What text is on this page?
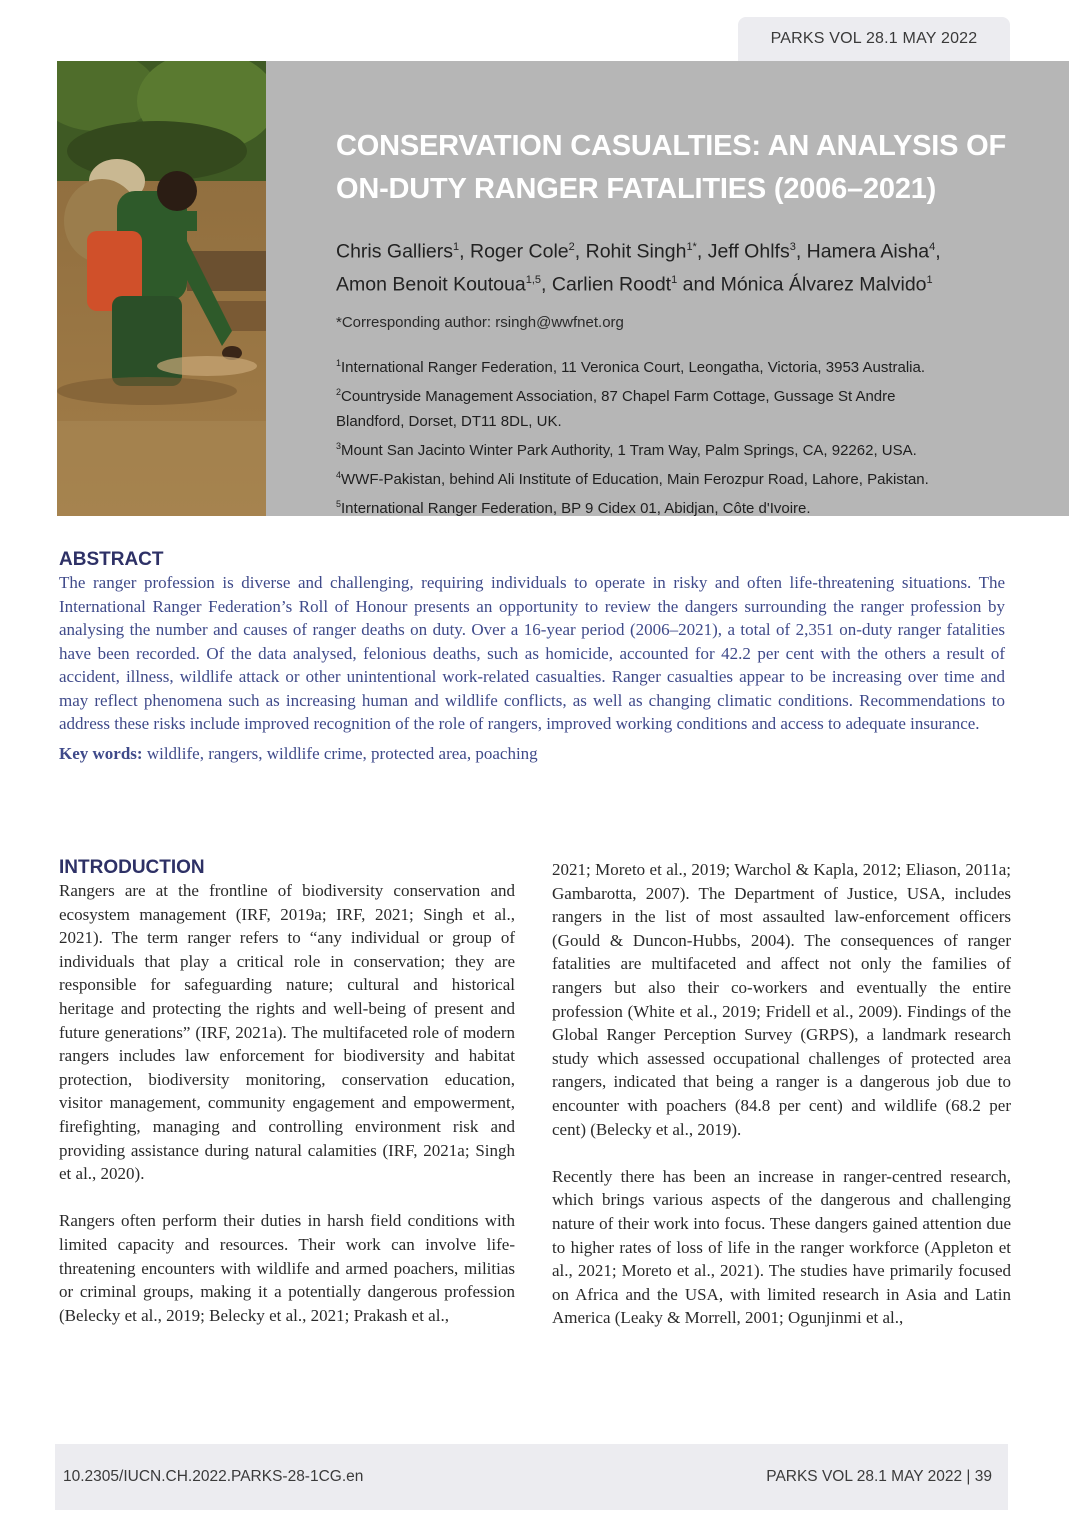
PARKS VOL 28.1 MAY 2022
CONSERVATION CASUALTIES: AN ANALYSIS OF
ON-DUTY RANGER FATALITIES (2006–2021)
Chris Galliers$^1$, Roger Cole$^2$, Rohit Singh$^{1*}$, Jeff Ohlfs$^3$, Hamera Aisha$^4$,
Amon Benoit Koutoua$^{1,5}$, Carlien Roodt$^1$ and Mónica Álvarez Malvido$^1$
*Corresponding author: rsingh@wwfnet.org
$^1$International Ranger Federation, 11 Veronica Court, Leongatha, Victoria, 3953 Australia.
$^2$Countryside Management Association, 87 Chapel Farm Cottage, Gussage St Andre Blandford, Dorset, DT11 8DL, UK.
$^3$Mount San Jacinto Winter Park Authority, 1 Tram Way, Palm Springs, CA, 92262, USA.
$^4$WWF-Pakistan, behind Ali Institute of Education, Main Ferozpur Road, Lahore, Pakistan.
$^5$International Ranger Federation, BP 9 Cidex 01, Abidjan, Côte d'Ivoire.
ABSTRACT

The ranger profession is diverse and challenging, requiring individuals to operate in risky and often life-threatening situations. The International Ranger Federation’s Roll of Honour presents an opportunity to review the dangers surrounding the ranger profession by analysing the number and causes of ranger deaths on duty. Over a 16-year period (2006–2021), a total of 2,351 on-duty ranger fatalities have been recorded. Of the data analysed, felonious deaths, such as homicide, accounted for 42.2 per cent with the others a result of accident, illness, wildlife attack or other unintentional work-related casualties. Ranger casualties appear to be increasing over time and may reflect phenomena such as increasing human and wildlife conflicts, as well as changing climatic conditions. Recommendations to address these risks include improved recognition of the role of rangers, improved working conditions and access to adequate insurance.

Key words: wildlife, rangers, wildlife crime, protected area, poaching

INTRODUCTION

Rangers are at the frontline of biodiversity conservation and ecosystem management (IRF, 2019a; IRF, 2021; Singh et al., 2021). The term ranger refers to “any individual or group of individuals that play a critical role in conservation; they are responsible for safeguarding nature; cultural and historical heritage and protecting the rights and well-being of present and future generations” (IRF, 2021a). The multifaceted role of modern rangers includes law enforcement for biodiversity and habitat protection, biodiversity monitoring, conservation education, visitor management, community engagement and empowerment, firefighting, managing and controlling environment risk and providing assistance during natural calamities (IRF, 2021a; Singh et al., 2020).

Rangers often perform their duties in harsh field conditions with limited capacity and resources. Their work can involve life-threatening encounters with wildlife and armed poachers, militias or criminal groups, making it a potentially dangerous profession (Belecky et al., 2019; Belecky et al., 2021; Prakash et al.,

2021; Moreto et al., 2019; Warchol & Kapla, 2012; Eliason, 2011a; Gambarotta, 2007). The Department of Justice, USA, includes rangers in the list of most assaulted law-enforcement officers (Gould & Duncon-Hubbs, 2004). The consequences of ranger fatalities are multifaceted and affect not only the families of rangers but also their co-workers and eventually the entire profession (White et al., 2019; Fridell et al., 2009). Findings of the Global Ranger Perception Survey (GRPS), a landmark research study which assessed occupational challenges of protected area rangers, indicated that being a ranger is a dangerous job due to encounter with poachers (84.8 per cent) and wildlife (68.2 per cent) (Belecky et al., 2019).

Recently there has been an increase in ranger-centred research, which brings various aspects of the dangerous and challenging nature of their work into focus. These dangers gained attention due to higher rates of loss of life in the ranger workforce (Appleton et al., 2021; Moreto et al., 2021). The studies have primarily focused on Africa and the USA, with limited research in Asia and Latin America (Leaky & Morrell, 2001; Ogunjinmi et al.,

10.2305/IUCN.CH.2022.PARKS-28-1CG.en	PARKS VOL 28.1 MAY 2022 | 39
